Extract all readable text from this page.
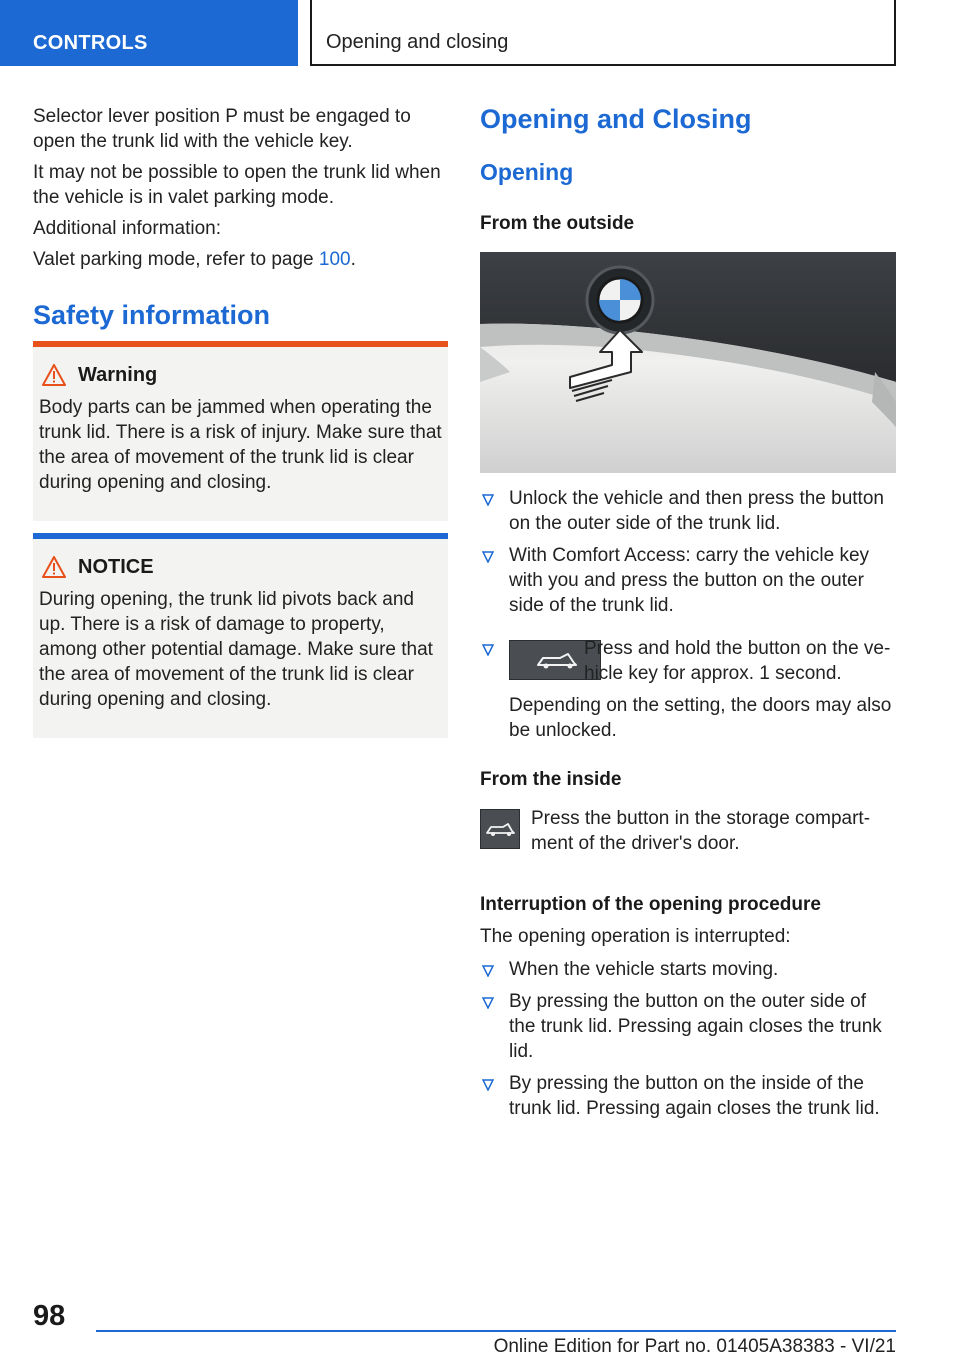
CONTROLS	Opening and closing

Selector lever position P must be engaged to open the trunk lid with the vehicle key.

It may not be possible to open the trunk lid when the vehicle is in valet parking mode.

Additional information:

Valet parking mode, refer to page 100.

Safety information
Warning

Body parts can be jammed when operating the trunk lid. There is a risk of injury. Make sure that the area of movement of the trunk lid is clear during opening and closing.

NOTICE

During opening, the trunk lid pivots back and up. There is a risk of damage to property, among other potential damage. Make sure that the area of movement of the trunk lid is clear during opening and closing.

Opening and Closing
Opening
From the outside
Unlock the vehicle and then press the button on the outer side of the trunk lid.
With Comfort Access: carry the vehicle key with you and press the button on the outer side of the trunk lid.

Press and hold the button on the vehicle key for approx. 1 second.

Depending on the setting, the doors may also be unlocked.

From the inside

Press the button in the storage compartment of the driver's door.

Interruption of the opening procedure

The opening operation is interrupted:

When the vehicle starts moving.
By pressing the button on the outer side of the trunk lid. Pressing again closes the trunk lid.
By pressing the button on the inside of the trunk lid. Pressing again closes the trunk lid.
98
Online Edition for Part no. 01405A38383 - VI/21
